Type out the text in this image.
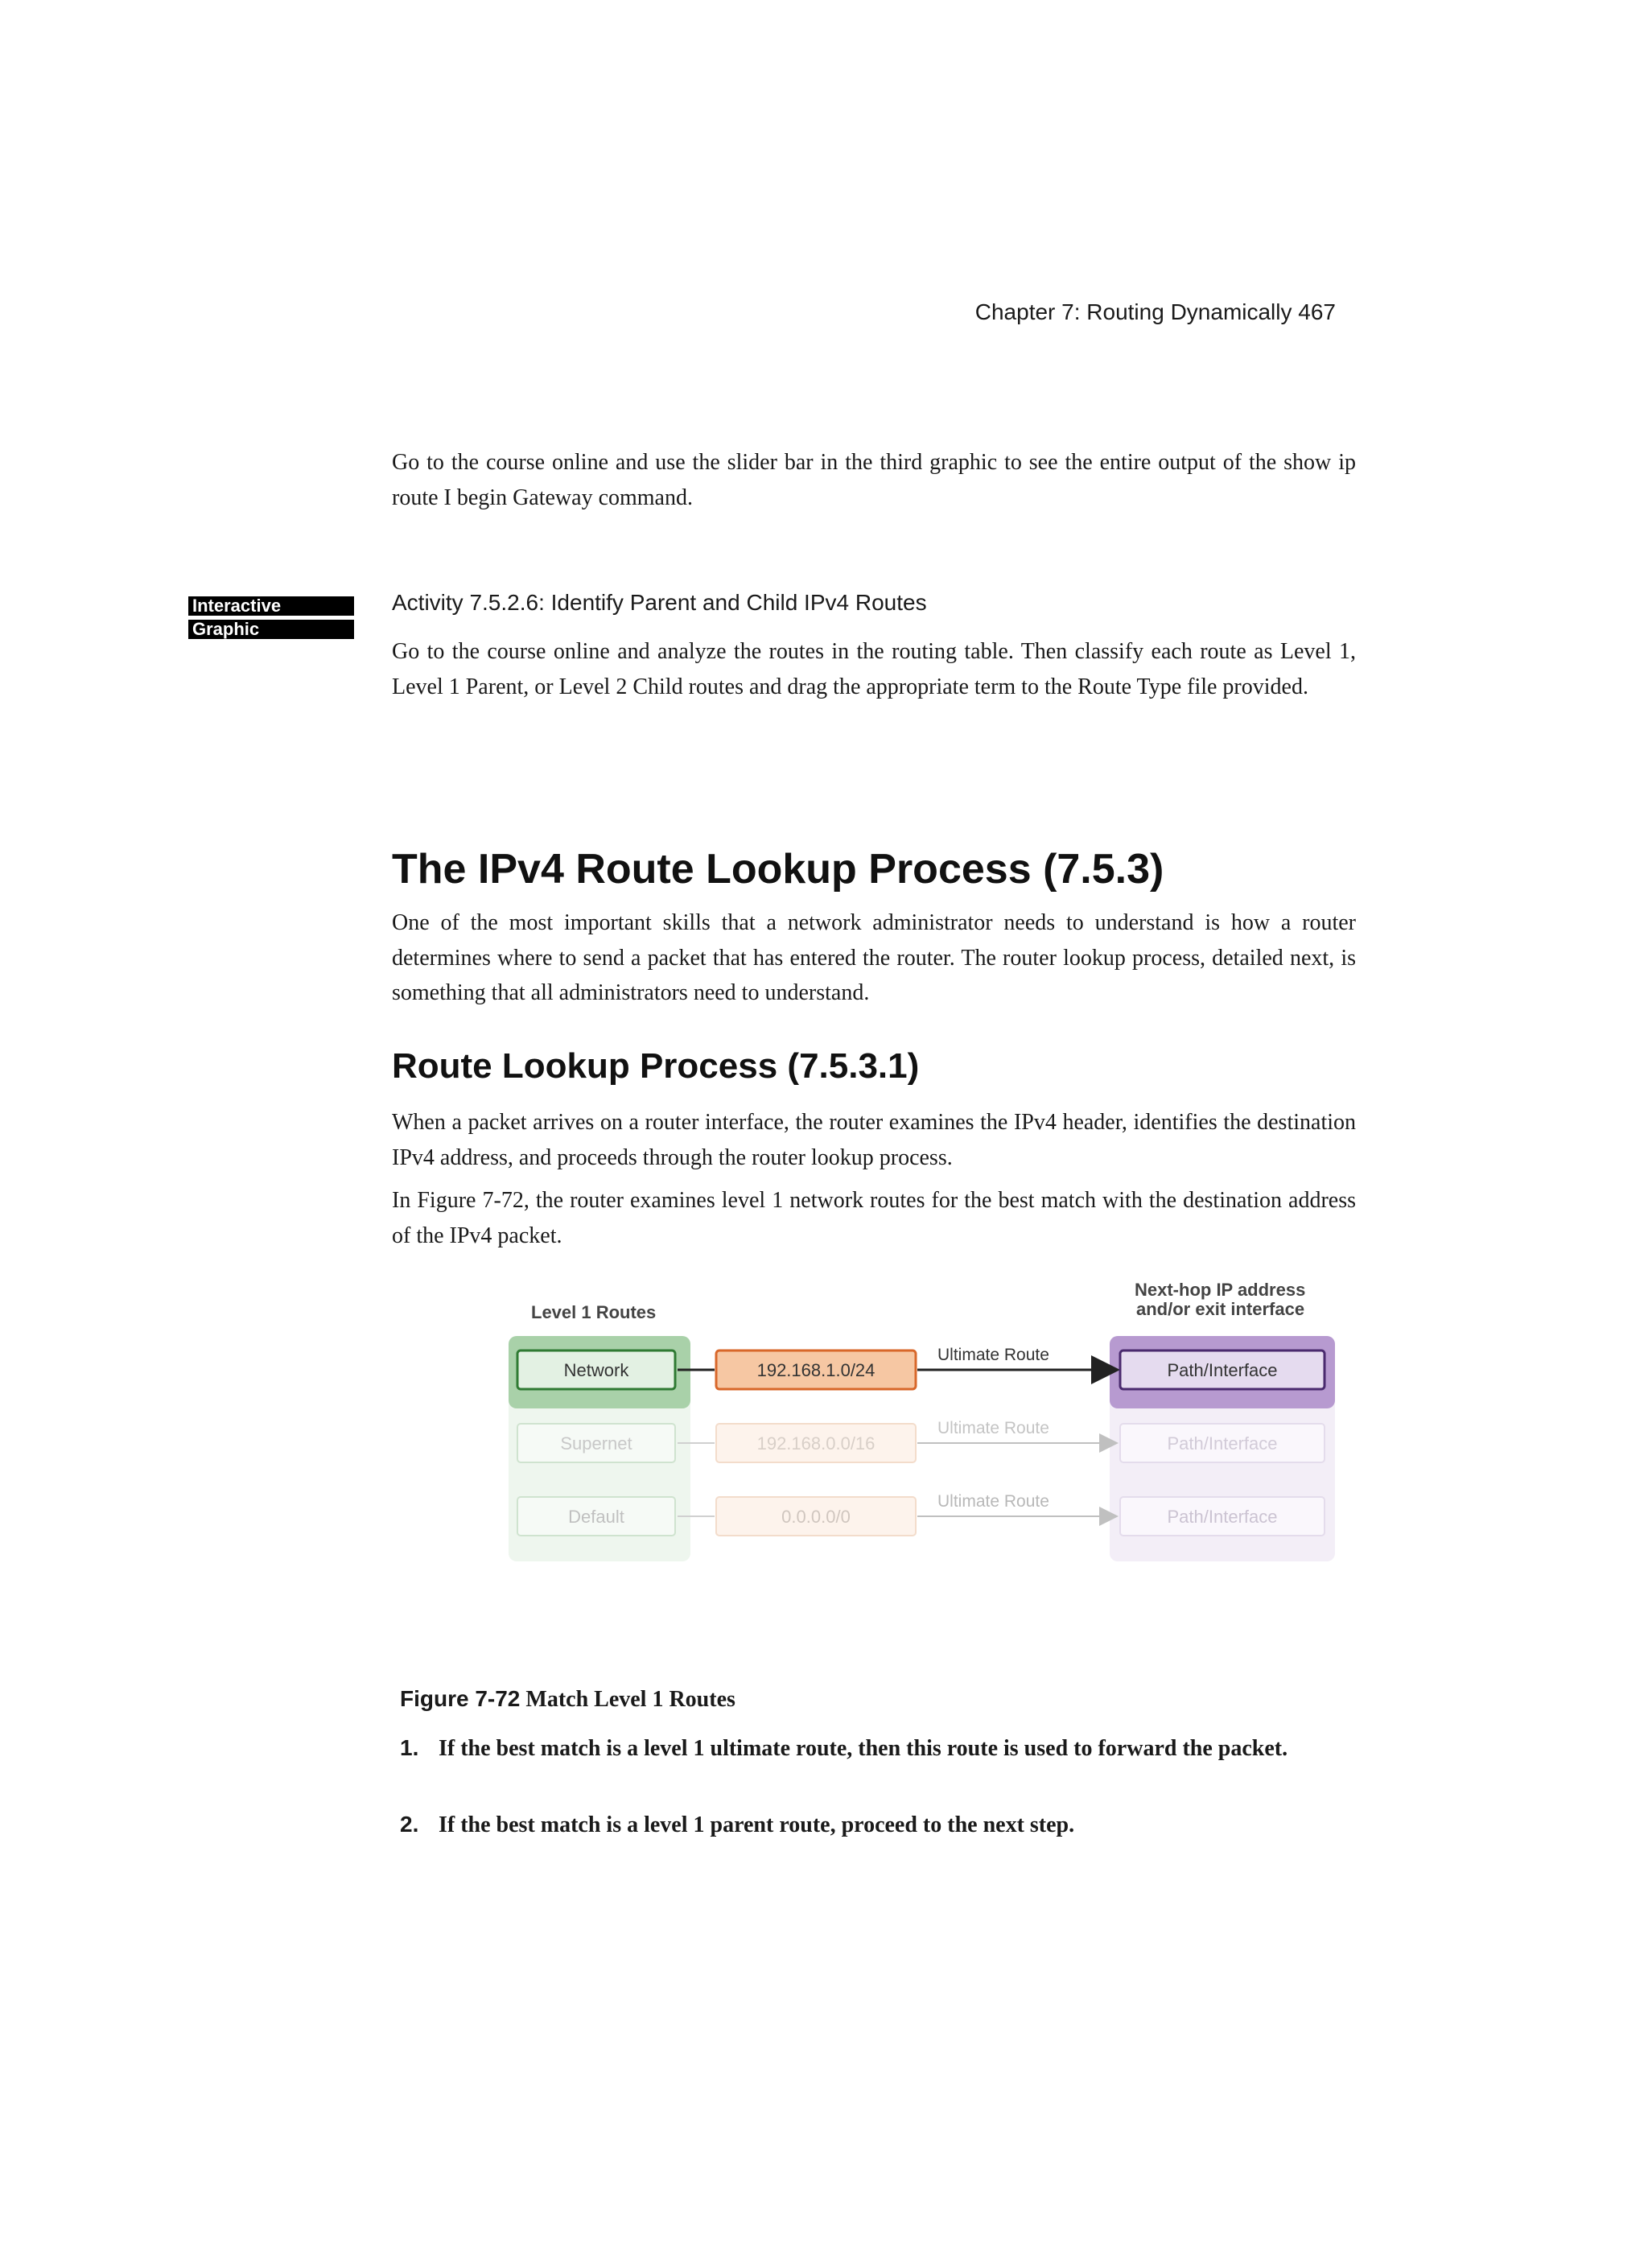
Chapter 7: Routing Dynamically 467

Go to the course online and use the slider bar in the third graphic to see the entire output of the show ip route I begin Gateway command.

Interactive
Graphic
Activity 7.5.2.6: Identify Parent and Child IPv4 Routes

Go to the course online and analyze the routes in the routing table. Then classify each route as Level 1, Level 1 Parent, or Level 2 Child routes and drag the appropriate term to the Route Type file provided.

The IPv4 Route Lookup Process (7.5.3)

One of the most important skills that a network administrator needs to understand is how a router determines where to send a packet that has entered the router. The router lookup process, detailed next, is something that all administrators need to understand.

Route Lookup Process (7.5.3.1)

When a packet arrives on a router interface, the router examines the IPv4 header, identifies the destination IPv4 address, and proceeds through the router lookup process.

In Figure 7-72, the router examines level 1 network routes for the best match with the destination address of the IPv4 packet.

Level 1 Routes
Next-hop IP address
and/or exit interface
Network	192.168.1.0/24
Ultimate Route
Path/Interface
Supernet	192.168.0.0/16
Ultimate Route
Path/Interface
Default	0.0.0.0/0
Ultimate Route
Path/Interface
Figure 7-72 Match Level 1 Routes
1. If the best match is a level 1 ultimate route, then this route is used to forward the packet.
2. If the best match is a level 1 parent route, proceed to the next step.
